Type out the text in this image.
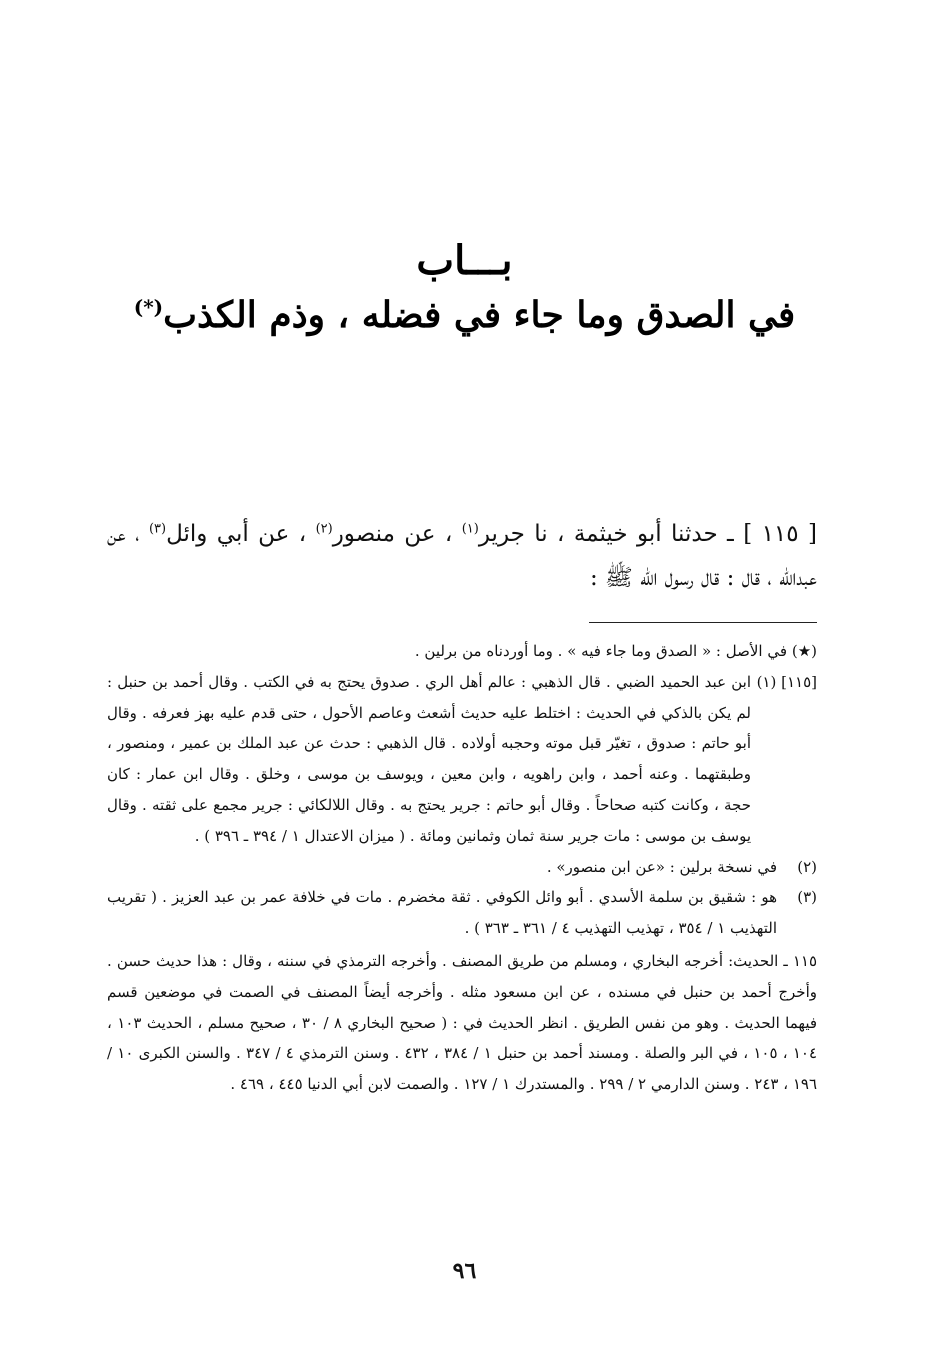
بـــاب
في الصدق وما جاء في فضله ، وذم الكذب(*)
[ ١١٥ ] ـ حدثنا أبو خيثمة ، نا جرير$^{(١)}$ ، عن منصور$^{(٢)}$ ، عن أبي وائل$^{(٣)}$ ، عن عبدالله ، قال : قال رسول الله ﷺ :
(★)
في الأصل : « الصدق وما جاء فيه » . وما أوردناه من برلين .
[١١٥] (١)
ابن عبد الحميد الضبي . قال الذهبي : عالم أهل الري . صدوق يحتج به في الكتب . وقال أحمد بن حنبل : لم يكن بالذكي في الحديث : اختلط عليه حديث أشعث وعاصم الأحول ، حتى قدم عليه بهز فعرفه . وقال أبو حاتم : صدوق ، تغيّر قبل موته وحجبه أولاده . قال الذهبي : حدث عن عبد الملك بن عمير ، ومنصور ، وطبقتهما . وعنه أحمد ، وابن راهويه ، وابن معين ، ويوسف بن موسى ، وخلق . وقال ابن عمار : كان حجة ، وكانت كتبه صحاحاً . وقال أبو حاتم : جرير يحتج به . وقال اللالكائي : جرير مجمع على ثقته . وقال يوسف بن موسى : مات جرير سنة ثمان وثمانين ومائة . ( ميزان الاعتدال ١ / ٣٩٤ ـ ٣٩٦ ) .
(٢)
في نسخة برلين : «عن ابن منصور» .
(٣)
هو : شقيق بن سلمة الأسدي . أبو وائل الكوفي . ثقة مخضرم . مات في خلافة عمر بن عبد العزيز . ( تقريب التهذيب ١ / ٣٥٤ ، تهذيب التهذيب ٤ / ٣٦١ ـ ٣٦٣ ) .
١١٥ ـ الحديث: أخرجه البخاري ، ومسلم من طريق المصنف . وأخرجه الترمذي في سننه ، وقال : هذا حديث حسن . وأخرج أحمد بن حنبل في مسنده ، عن ابن مسعود مثله . وأخرجه أيضاً المصنف في الصمت في موضعين قسم فيهما الحديث . وهو من نفس الطريق . انظر الحديث في : ( صحيح البخاري ٨ / ٣٠ ، صحيح مسلم ، الحديث ١٠٣ ، ١٠٤ ، ١٠٥ ، في البر والصلة . ومسند أحمد بن حنبل ١ / ٣٨٤ ، ٤٣٢ . وسنن الترمذي ٤ / ٣٤٧ . والسنن الكبرى ١٠ / ١٩٦ ، ٢٤٣ . وسنن الدارمي ٢ / ٢٩٩ . والمستدرك ١ / ١٢٧ . والصمت لابن أبي الدنيا ٤٤٥ ، ٤٦٩ .
٩٦
